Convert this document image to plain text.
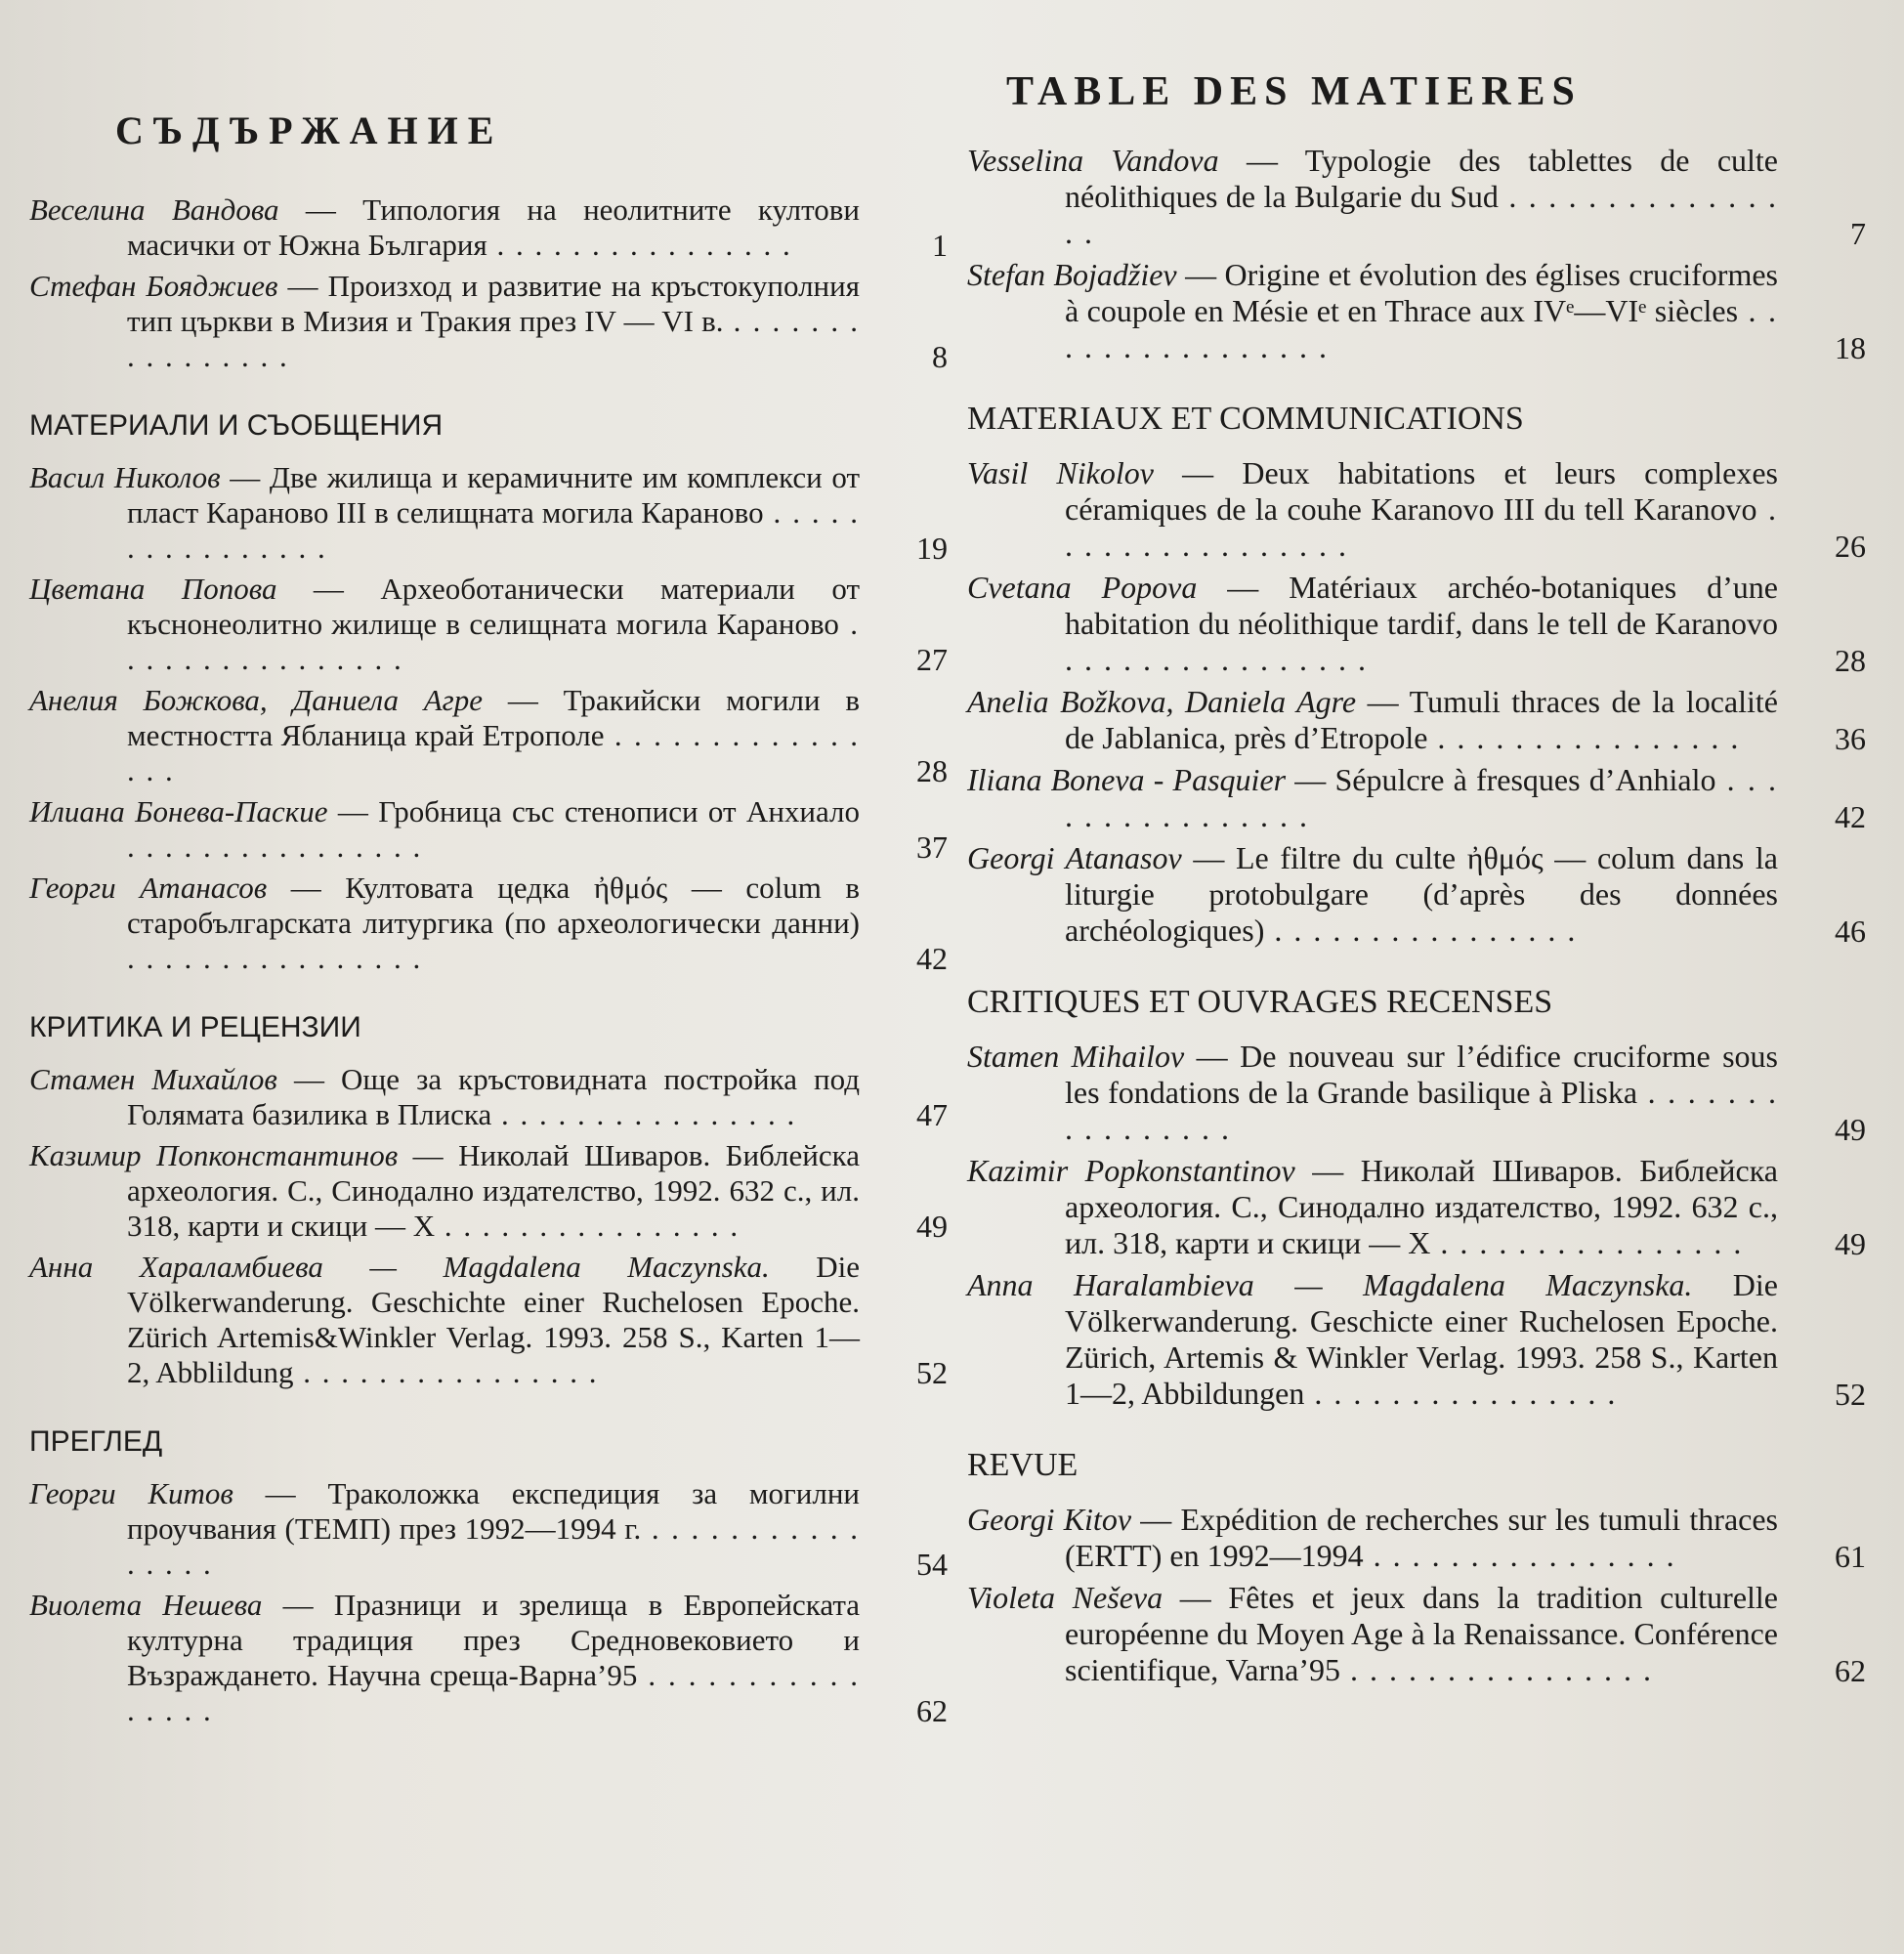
СЪДЪРЖАНИЕ
Веселина Вандова — Типология на неолитните култови масички от Южна България . . . . . . . . . . . . . . . .	1
Стефан Бояджиев — Произход и развитие на кръстокуполния тип църкви в Мизия и Тракия през IV — VI в. . . . . . . . . . . . . . . . .	8
МАТЕРИАЛИ И СЪОБЩЕНИЯ
Васил Николов — Две жилища и керамичните им комплекси от пласт Караново III в селищната могила Караново . . . . . . . . . . . . . . . .	19
Цветана Попова — Археоботанически материали от къснонеолитно жилище в селищната могила Караново . . . . . . . . . . . . . . . .	27
Анелия Божкова, Даниела Агре — Тракийски могили в местността Ябланица край Етрополе . . . . . . . . . . . . . . . .	28
Илиана Бонева-Паские — Гробница със стенописи от Анхиало . . . . . . . . . . . . . . . .	37
Георги Атанасов — Култовата цедка ἠθμός — colum в старобългарската литургика (по археологически данни) . . . . . . . . . . . . . . . .	42
КРИТИКА И РЕЦЕНЗИИ
Стамен Михайлов — Още за кръстовидната постройка под Голямата базилика в Плиска . . . . . . . . . . . . . . . .	47
Казимир Попконстантинов — Николай Шиваров. Библейска археология. С., Синодално издателство, 1992. 632 с., ил. 318, карти и скици — X . . . . . . . . . . . . . . . .	49
Анна Хараламбиева — Magdalena Maczynska. Die Völkerwanderung. Geschichte einer Ruchelosen Epoche. Zürich Artemis&Winkler Verlag. 1993. 258 S., Karten 1—2, Abblildung . . . . . . . . . . . . . . . .	52
ПРЕГЛЕД
Георги Китов — Траколожка експедиция за могилни проучвания (ТЕМП) през 1992—1994 г. . . . . . . . . . . . . . . . .	54
Виолета Нешева — Празници и зрелища в Европейската културна традиция през Средновековието и Възраждането. Научна среща-Варна’95 . . . . . . . . . . . . . . . .	62
TABLE DES MATIERES
Vesselina Vandova — Typologie des tablettes de culte néolithiques de la Bulgarie du Sud . . . . . . . . . . . . . . . .	7
Stefan Bojadžiev — Origine et évolution des églises cruciformes à coupole en Mésie et en Thrace aux IVᵉ—VIᵉ siècles . . . . . . . . . . . . . . . .	18
MATERIAUX ET COMMUNICATIONS
Vasil Nikolov — Deux habitations et leurs complexes céramiques de la couhe Karanovo III du tell Karanovo . . . . . . . . . . . . . . . .	26
Cvetana Popova — Matériaux archéo-botaniques d’une habitation du néolithique tardif, dans le tell de Karanovo . . . . . . . . . . . . . . . .	28
Anelia Božkova, Daniela Agre — Tumuli thraces de la localité de Jablanica, près d’Etropole . . . . . . . . . . . . . . . .	36
Iliana Boneva - Pasquier — Sépulcre à fresques d’Anhialo . . . . . . . . . . . . . . . .	42
Georgi Atanasov — Le filtre du culte ἠθμός — colum dans la liturgie protobulgare (d’après des données archéologiques) . . . . . . . . . . . . . . . .	46
CRITIQUES ET OUVRAGES RECENSES
Stamen Mihailov — De nouveau sur l’édifice cruciforme sous les fondations de la Grande basilique à Pliska . . . . . . . . . . . . . . . .	49
Kazimir Popkonstantinov — Николай Шиваров. Библейска археология. С., Синодално издателство, 1992. 632 с., ил. 318, карти и скици — X . . . . . . . . . . . . . . . .	49
Anna Haralambieva — Magdalena Maczynska. Die Völkerwanderung. Geschicte einer Ruchelosen Epoche. Zürich, Artemis & Winkler Verlag. 1993. 258 S., Karten 1—2, Abbildungen . . . . . . . . . . . . . . . .	52
REVUE
Georgi Kitov — Expédition de recherches sur les tumuli thraces (ERTT) en 1992—1994 . . . . . . . . . . . . . . . .	61
Violeta Neševa — Fêtes et jeux dans la tradition culturelle européenne du Moyen Age à la Renaissance. Conférence scientifique, Varna’95 . . . . . . . . . . . . . . . .	62
